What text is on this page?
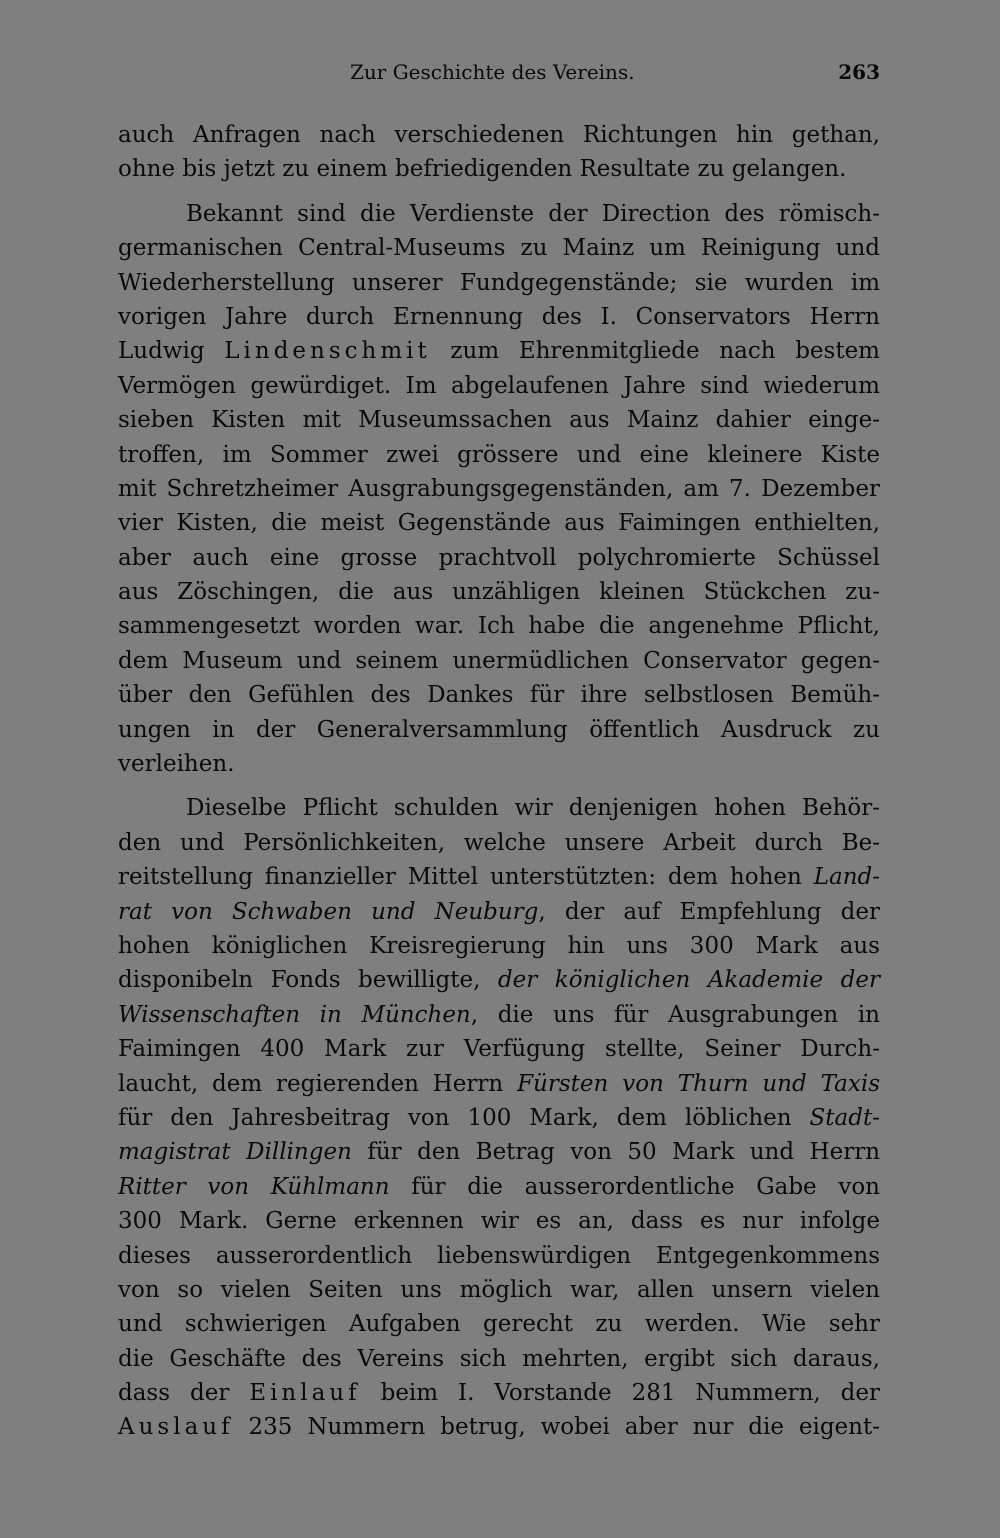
Zur Geschichte des Vereins.	263
auch Anfragen nach verschiedenen Richtungen hin gethan,
ohne bis jetzt zu einem befriedigenden Resultate zu gelangen.
Bekannt sind die Verdienste der Direction des römisch-
germanischen Central-Museums zu Mainz um Reinigung und
Wiederherstellung unserer Fundgegenstände; sie wurden im
vorigen Jahre durch Ernennung des I. Conservators Herrn
Ludwig Lindenschmit zum Ehrenmitgliede nach bestem
Vermögen gewürdiget. Im abgelaufenen Jahre sind wiederum
sieben Kisten mit Museumssachen aus Mainz dahier einge-
troffen, im Sommer zwei grössere und eine kleinere Kiste
mit Schretzheimer Ausgrabungsgegenständen, am 7. Dezember
vier Kisten, die meist Gegenstände aus Faimingen enthielten,
aber auch eine grosse prachtvoll polychromierte Schüssel
aus Zöschingen, die aus unzähligen kleinen Stückchen zu-
sammengesetzt worden war. Ich habe die angenehme Pflicht,
dem Museum und seinem unermüdlichen Conservator gegen-
über den Gefühlen des Dankes für ihre selbstlosen Bemüh-
ungen in der Generalversammlung öffentlich Ausdruck zu
verleihen.
Dieselbe Pflicht schulden wir denjenigen hohen Behör-
den und Persönlichkeiten, welche unsere Arbeit durch Be-
reitstellung finanzieller Mittel unterstützten: dem hohen Land-
rat von Schwaben und Neuburg, der auf Empfehlung der
hohen königlichen Kreisregierung hin uns 300 Mark aus
disponibeln Fonds bewilligte, der königlichen Akademie der
Wissenschaften in München, die uns für Ausgrabungen in
Faimingen 400 Mark zur Verfügung stellte, Seiner Durch-
laucht, dem regierenden Herrn Fürsten von Thurn und Taxis
für den Jahresbeitrag von 100 Mark, dem löblichen Stadt-
magistrat Dillingen für den Betrag von 50 Mark und Herrn
Ritter von Kühlmann für die ausserordentliche Gabe von
300 Mark. Gerne erkennen wir es an, dass es nur infolge
dieses ausserordentlich liebenswürdigen Entgegenkommens
von so vielen Seiten uns möglich war, allen unsern vielen
und schwierigen Aufgaben gerecht zu werden. Wie sehr
die Geschäfte des Vereins sich mehrten, ergibt sich daraus,
dass der Einlauf beim I. Vorstande 281 Nummern, der
Auslauf 235 Nummern betrug, wobei aber nur die eigent-
